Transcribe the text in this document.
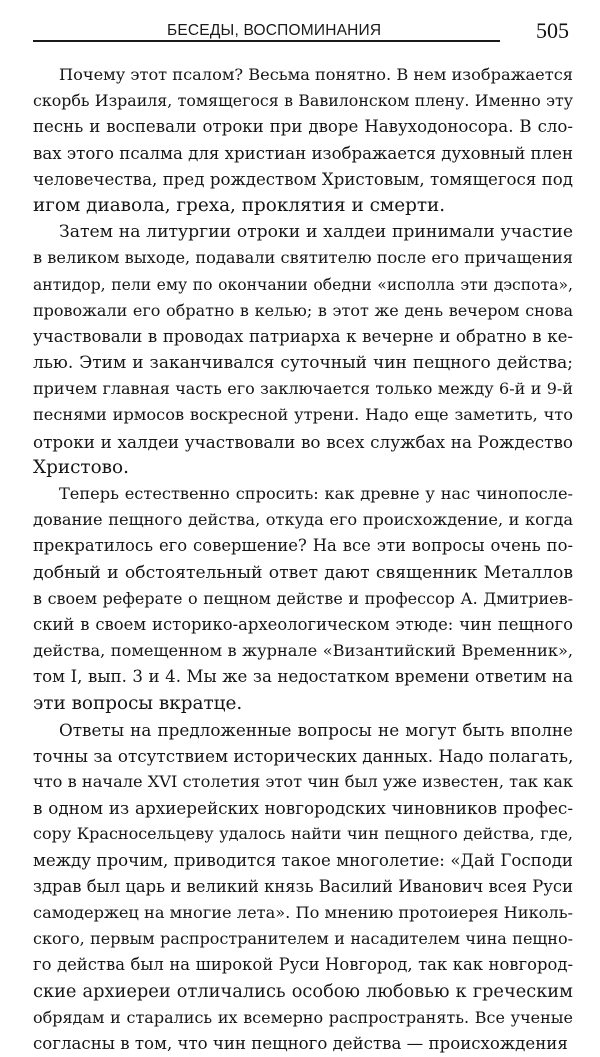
БЕСЕДЫ, ВОСПОМИНАНИЯ	505
Почему этот псалом? Весьма понятно. В нем изображается
скорбь Израиля, томящегося в Вавилонском плену. Именно эту
песнь и воспевали отроки при дворе Навуходоносора. В сло-
вах этого псалма для христиан изображается духовный плен
человечества, пред рождеством Христовым, томящегося под
игом диавола, греха, проклятия и смерти.
Затем на литургии отроки и халдеи принимали участие
в великом выходе, подавали святителю после его причащения
антидор, пели ему по окончании обедни «исполла эти дэспота»,
провожали его обратно в келью; в этот же день вечером снова
участвовали в проводах патриарха к вечерне и обратно в ке-
лью. Этим и заканчивался суточный чин пещного действа;
причем главная часть его заключается только между 6-й и 9-й
песнями ирмосов воскресной утрени. Надо еще заметить, что
отроки и халдеи участвовали во всех службах на Рождество
Христово.
Теперь естественно спросить: как древне у нас чинопосле-
дование пещного действа, откуда его происхождение, и когда
прекратилось его совершение? На все эти вопросы очень по-
добный и обстоятельный ответ дают священник Металлов
в своем реферате о пещном действе и профессор А. Дмитриев-
ский в своем историко-археологическом этюде: чин пещного
действа, помещенном в журнале «Византийский Временник»,
том I, вып. 3 и 4. Мы же за недостатком времени ответим на
эти вопросы вкратце.
Ответы на предложенные вопросы не могут быть вполне
точны за отсутствием исторических данных. Надо полагать,
что в начале XVI столетия этот чин был уже известен, так как
в одном из архиерейских новгородских чиновников профес-
сору Красносельцеву удалось найти чин пещного действа, где,
между прочим, приводится такое многолетие: «Дай Господи
здрав был царь и великий князь Василий Иванович всея Руси
самодержец на многие лета». По мнению протоиерея Николь-
ского, первым распространителем и насадителем чина пещно-
го действа был на широкой Руси Новгород, так как новгород-
ские архиереи отличались особою любовью к греческим
обрядам и старались их всемерно распространять. Все ученые
согласны в том, что чин пещного действа — происхождения
